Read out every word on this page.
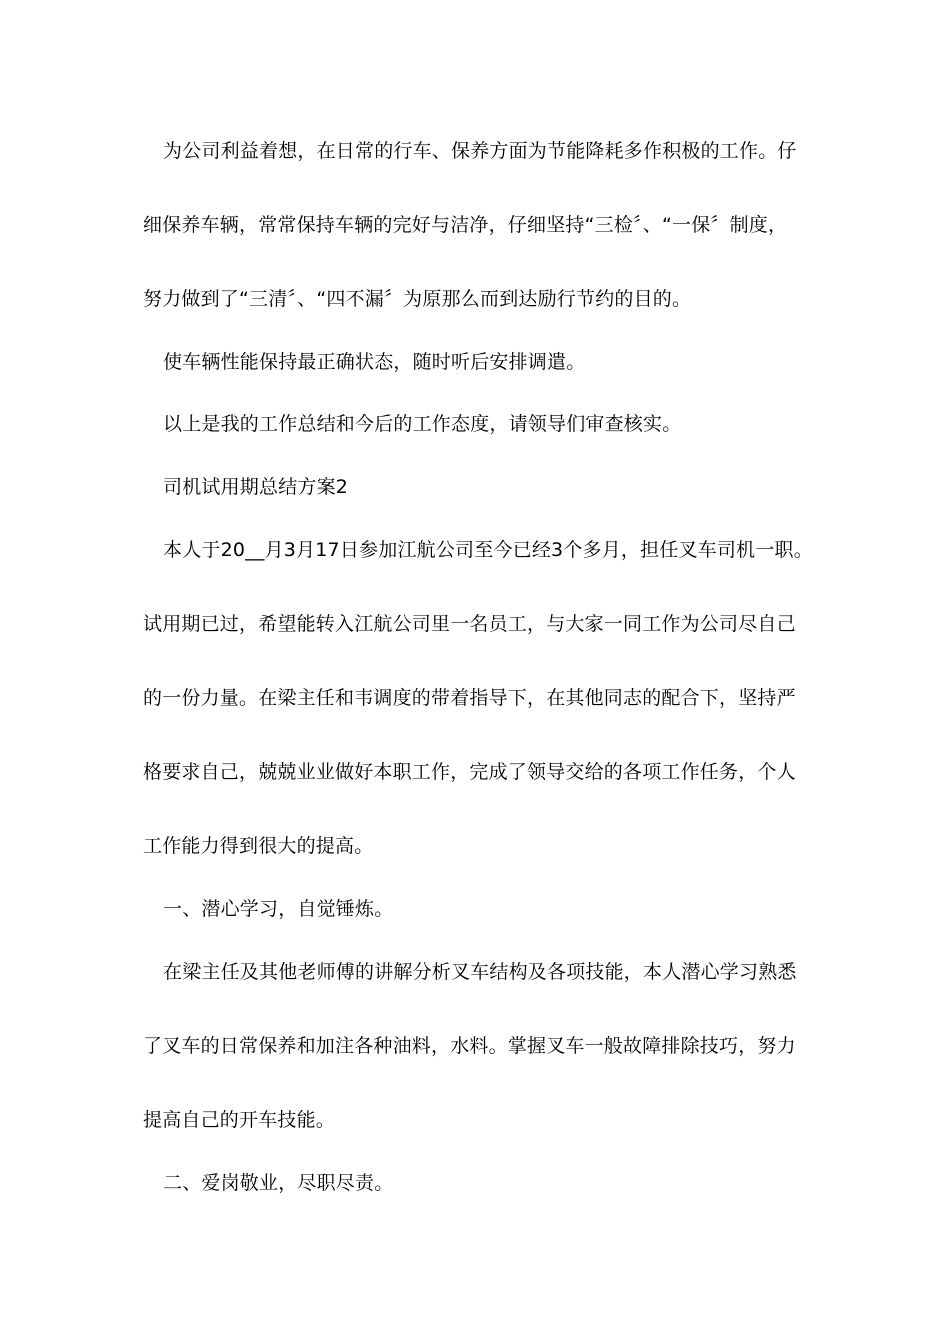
为公司利益着想，在日常的行车、保养方面为节能降耗多作积极的工作。仔
细保养车辆，常常保持车辆的完好与洁净，仔细坚持“三检〞、“一保〞制度，
努力做到了“三清〞、“四不漏〞为原那么而到达励行节约的目的。
使车辆性能保持最正确状态，随时听后安排调遣。
以上是我的工作总结和今后的工作态度，请领导们审查核实。
司机试用期总结方案2
本人于20__月3月17日参加江航公司至今已经3个多月，担任叉车司机一职。
试用期已过，希望能转入江航公司里一名员工，与大家一同工作为公司尽自己
的一份力量。在梁主任和韦调度的带着指导下，在其他同志的配合下，坚持严
格要求自己，兢兢业业做好本职工作，完成了领导交给的各项工作任务，个人
工作能力得到很大的提高。
一、潜心学习，自觉锤炼。
在梁主任及其他老师傅的讲解分析叉车结构及各项技能，本人潜心学习熟悉
了叉车的日常保养和加注各种油料，水料。掌握叉车一般故障排除技巧，努力
提高自己的开车技能。
二、爱岗敬业，尽职尽责。
